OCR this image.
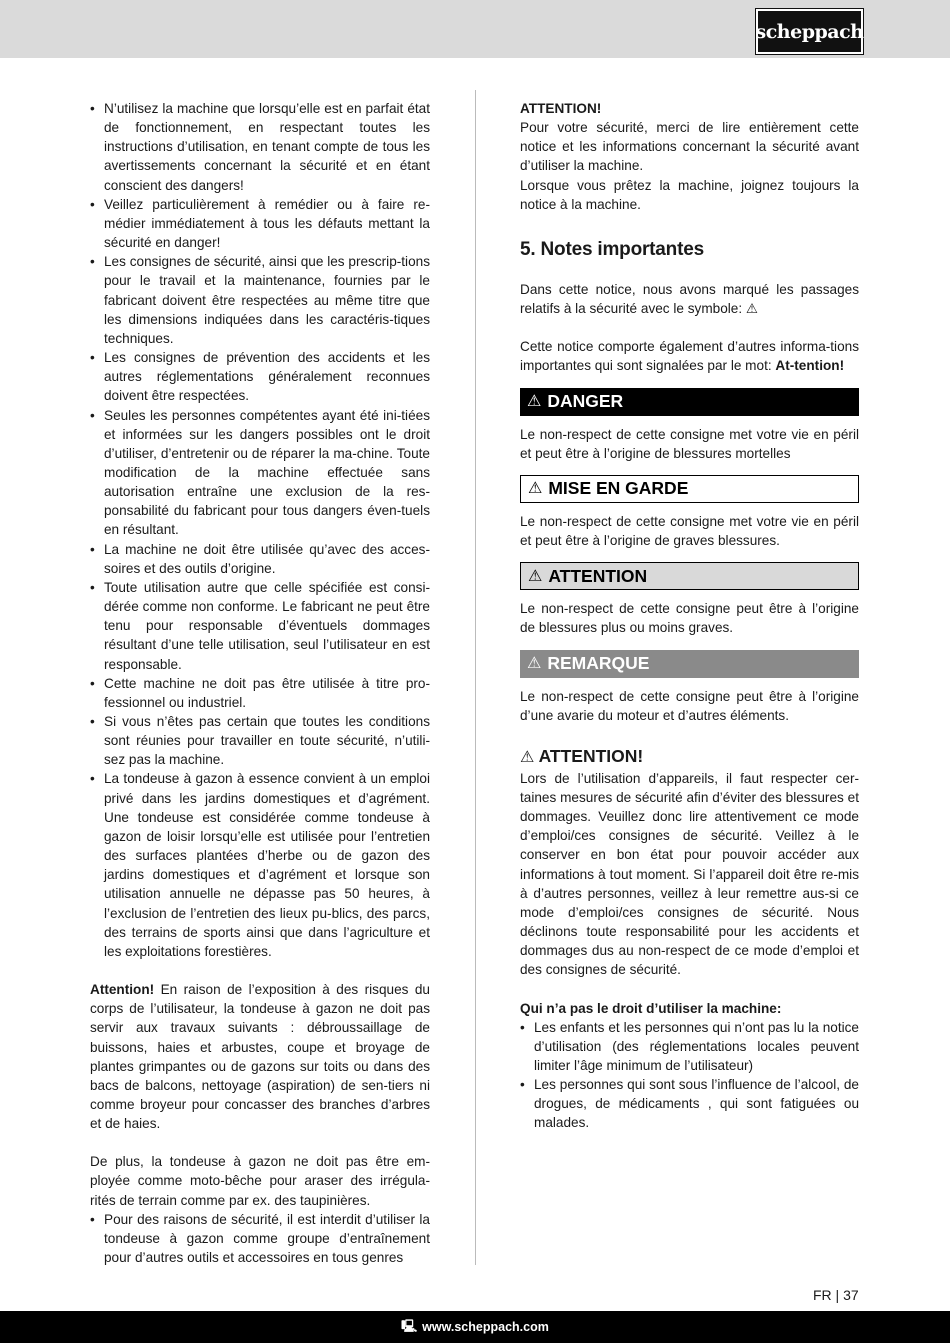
scheppach
• N’utilisez la machine que lorsqu’elle est en parfait état de fonctionnement, en respectant toutes les instructions d’utilisation, en tenant compte de tous les avertissements concernant la sécurité et en étant conscient des dangers!
• Veillez particulièrement à remédier ou à faire re-médier immédiatement à tous les défauts mettant la sécurité en danger!
• Les consignes de sécurité, ainsi que les prescrip-tions pour le travail et la maintenance, fournies par le fabricant doivent être respectées au même titre que les dimensions indiquées dans les caractéris-tiques techniques.
• Les consignes de prévention des accidents et les autres réglementations généralement reconnues doivent être respectées.
• Seules les personnes compétentes ayant été ini-tiées et informées sur les dangers possibles ont le droit d’utiliser, d’entretenir ou de réparer la ma-chine. Toute modification de la machine effectuée sans autorisation entraîne une exclusion de la res-ponsabilité du fabricant pour tous dangers éven-tuels en résultant.
• La machine ne doit être utilisée qu’avec des acces-soires et des outils d’origine.
• Toute utilisation autre que celle spécifiée est consi-dérée comme non conforme. Le fabricant ne peut être tenu pour responsable d’éventuels dommages résultant d’une telle utilisation, seul l’utilisateur en est responsable.
• Cette machine ne doit pas être utilisée à titre pro-fessionnel ou industriel.
• Si vous n’êtes pas certain que toutes les conditions sont réunies pour travailler en toute sécurité, n’utili-sez pas la machine.
• La tondeuse à gazon à essence convient à un emploi privé dans les jardins domestiques et d’agrément. Une tondeuse est considérée comme tondeuse à gazon de loisir lorsqu’elle est utilisée pour l’entretien des surfaces plantées d’herbe ou de gazon des jardins domestiques et d’agrément et lorsque son utilisation annuelle ne dépasse pas 50 heures, à l’exclusion de l’entretien des lieux pu-blics, des parcs, des terrains de sports ainsi que dans l’agriculture et les exploitations forestières.

Attention! En raison de l’exposition à des risques du corps de l’utilisateur, la tondeuse à gazon ne doit pas servir aux travaux suivants : débroussaillage de buissons, haies et arbustes, coupe et broyage de plantes grimpantes ou de gazons sur toits ou dans des bacs de balcons, nettoyage (aspiration) de sen-tiers ni comme broyeur pour concasser des branches d’arbres et de haies.

De plus, la tondeuse à gazon ne doit pas être em-ployée comme moto-bêche pour araser des irrégula-rités de terrain comme par ex. des taupinières.

• Pour des raisons de sécurité, il est interdit d’utiliser la tondeuse à gazon comme groupe d’entraînement pour d’autres outils et accessoires en tous genres

ATTENTION!

Pour votre sécurité, merci de lire entièrement cette notice et les informations concernant la sécurité avant d’utiliser la machine.

Lorsque vous prêtez la machine, joignez toujours la notice à la machine.

5. Notes importantes

Dans cette notice, nous avons marqué les passages relatifs à la sécurité avec le symbole: ⚠

Cette notice comporte également d’autres informa-tions importantes qui sont signalées par le mot: At-tention!

⚠ DANGER

Le non-respect de cette consigne met votre vie en péril et peut être à l’origine de blessures mortelles

⚠ MISE EN GARDE

Le non-respect de cette consigne met votre vie en péril et peut être à l’origine de graves blessures.

⚠ ATTENTION

Le non-respect de cette consigne peut être à l’origine de blessures plus ou moins graves.

⚠ REMARQUE

Le non-respect de cette consigne peut être à l’origine d’une avarie du moteur et d’autres éléments.

⚠ ATTENTION!

Lors de l’utilisation d’appareils, il faut respecter cer-taines mesures de sécurité afin d’éviter des blessures et dommages. Veuillez donc lire attentivement ce mode d’emploi/ces consignes de sécurité. Veillez à le conserver en bon état pour pouvoir accéder aux informations à tout moment. Si l’appareil doit être re-mis à d’autres personnes, veillez à leur remettre aus-si ce mode d’emploi/ces consignes de sécurité. Nous déclinons toute responsabilité pour les accidents et dommages dus au non-respect de ce mode d’emploi et des consignes de sécurité.

Qui n’a pas le droit d’utiliser la machine:

• Les enfants et les personnes qui n’ont pas lu la notice d’utilisation (des réglementations locales peuvent limiter l’âge minimum de l’utilisateur)
• Les personnes qui sont sous l’influence de l’alcool, de drogues, de médicaments , qui sont fatiguées ou malades.
FR | 37
🖳 www.scheppach.com
